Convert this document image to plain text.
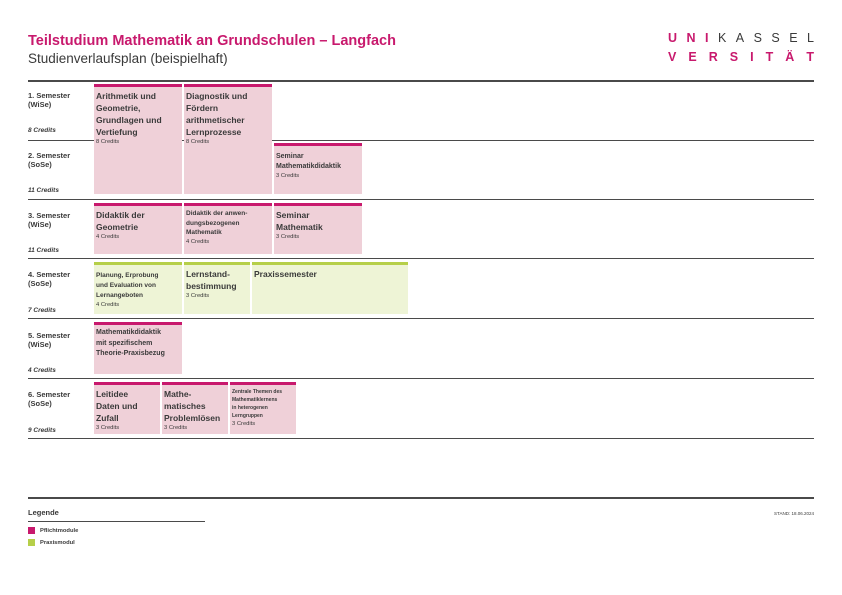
Teilstudium Mathematik an Grundschulen – Langfach
Studienverlaufsplan (beispielhaft)
U N I K A S S E L
V E R S I T Ä T
1. Semester
(WiSe)
8 Credits
2. Semester
(SoSe)
11 Credits
3. Semester
(WiSe)
11 Credits
4. Semester
(SoSe)
7 Credits
5. Semester
(WiSe)
4 Credits
6. Semester
(SoSe)
9 Credits
Arithmetik und
Geometrie,
Grundlagen und
Vertiefung
8 Credits
Diagnostik und
Fördern
arithmetischer
Lernprozesse
8 Credits
Seminar
Mathematikdidaktik
3 Credits
Didaktik der
Geometrie
4 Credits
Didaktik der anwen-
dungsbezogenen
Mathematik
4 Credits
Seminar
Mathematik
3 Credits
Planung, Erprobung
und Evaluation von
Lernangeboten
4 Credits
Lernstand-
bestimmung
3 Credits
Praxissemester
Mathematikdidaktik
mit spezifischem
Theorie-Praxisbezug
Leitidee
Daten und
Zufall
3 Credits
Mathe-
matisches
Problemlösen
3 Credits
Zentrale Themen des
Mathematiklernens
in heterogenen
Lerngruppen
3 Credits
Legende
Pflichtmodule
Praxismodul
STAND: 18.06.2024
